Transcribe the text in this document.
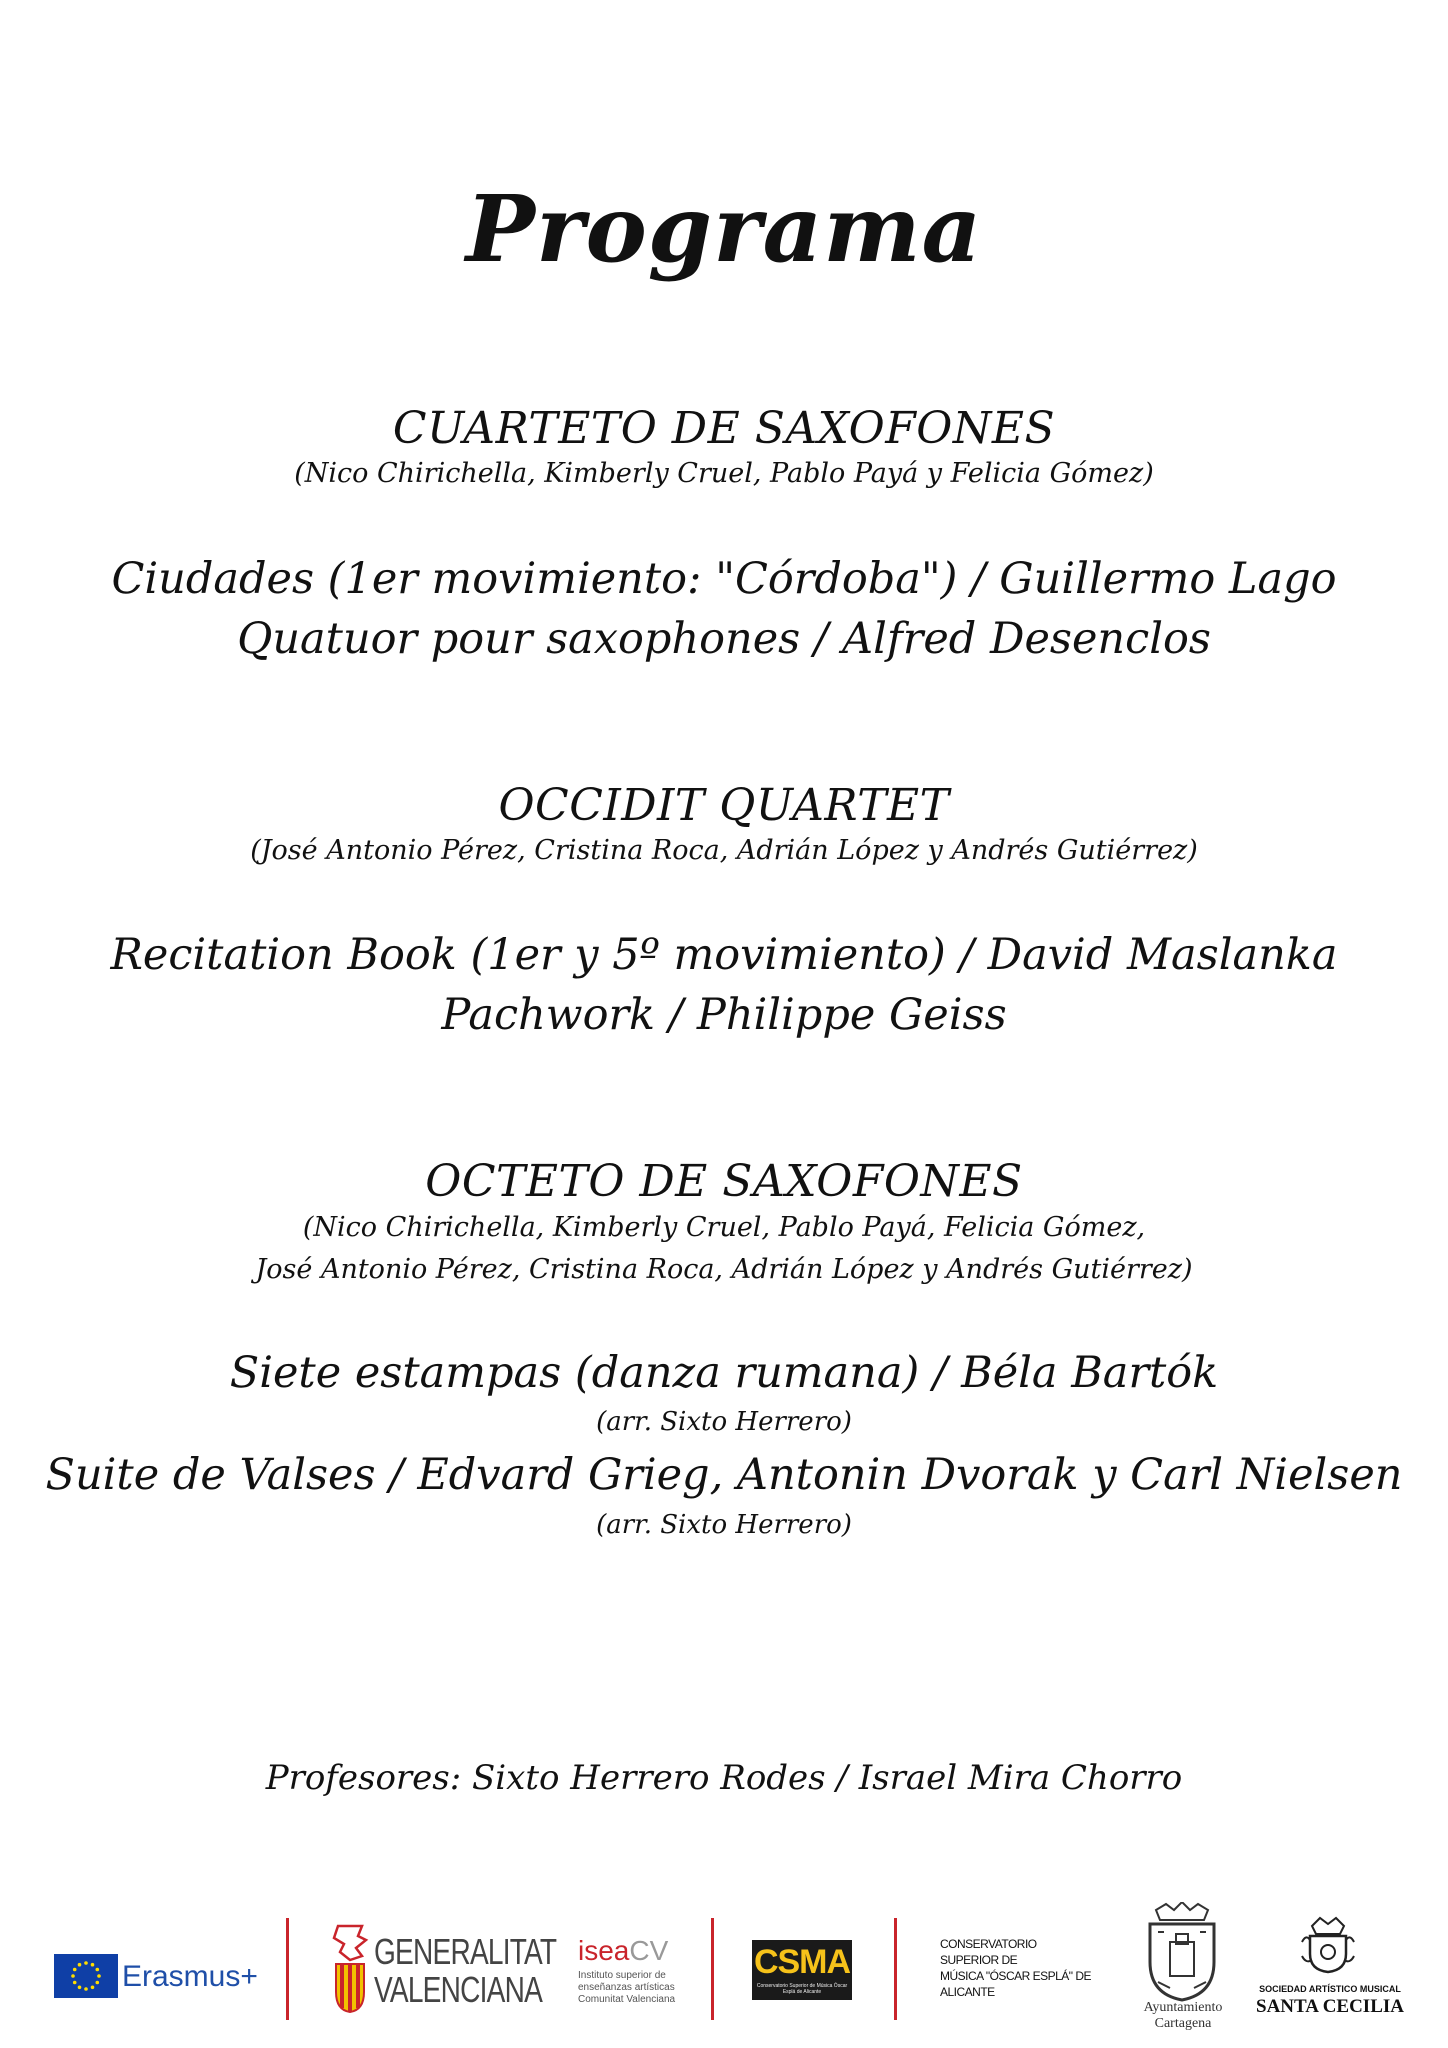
Programa
CUARTETO DE SAXOFONES
(Nico Chirichella, Kimberly Cruel, Pablo Payá y Felicia Gómez)
Ciudades (1er movimiento: "Córdoba") / Guillermo Lago
Quatuor pour saxophones / Alfred Desenclos
OCCIDIT QUARTET
(José Antonio Pérez, Cristina Roca, Adrián López y Andrés Gutiérrez)
Recitation Book (1er y 5º movimiento) / David Maslanka
Pachwork / Philippe Geiss
OCTETO DE SAXOFONES
(Nico Chirichella, Kimberly Cruel, Pablo Payá, Felicia Gómez,
José Antonio Pérez, Cristina Roca, Adrián López y Andrés Gutiérrez)
Siete estampas (danza rumana) / Béla Bartók
(arr. Sixto Herrero)
Suite de Valses / Edvard Grieg, Antonin Dvorak y Carl Nielsen
(arr. Sixto Herrero)
Profesores: Sixto Herrero Rodes / Israel Mira Chorro
Erasmus+
GENERALITAT
VALENCIANA
iseaCV
Instituto superior de
enseñanzas artísticas
Comunitat Valenciana
CSMA
Conservatorio Superior de Música Óscar Esplá de Alicante
CONSERVATORIO
SUPERIOR DE
MÚSICA "ÓSCAR ESPLÁ" DE
ALICANTE
Ayuntamiento
Cartagena
SOCIEDAD ARTÍSTICO MUSICAL
SANTA CECILIA
